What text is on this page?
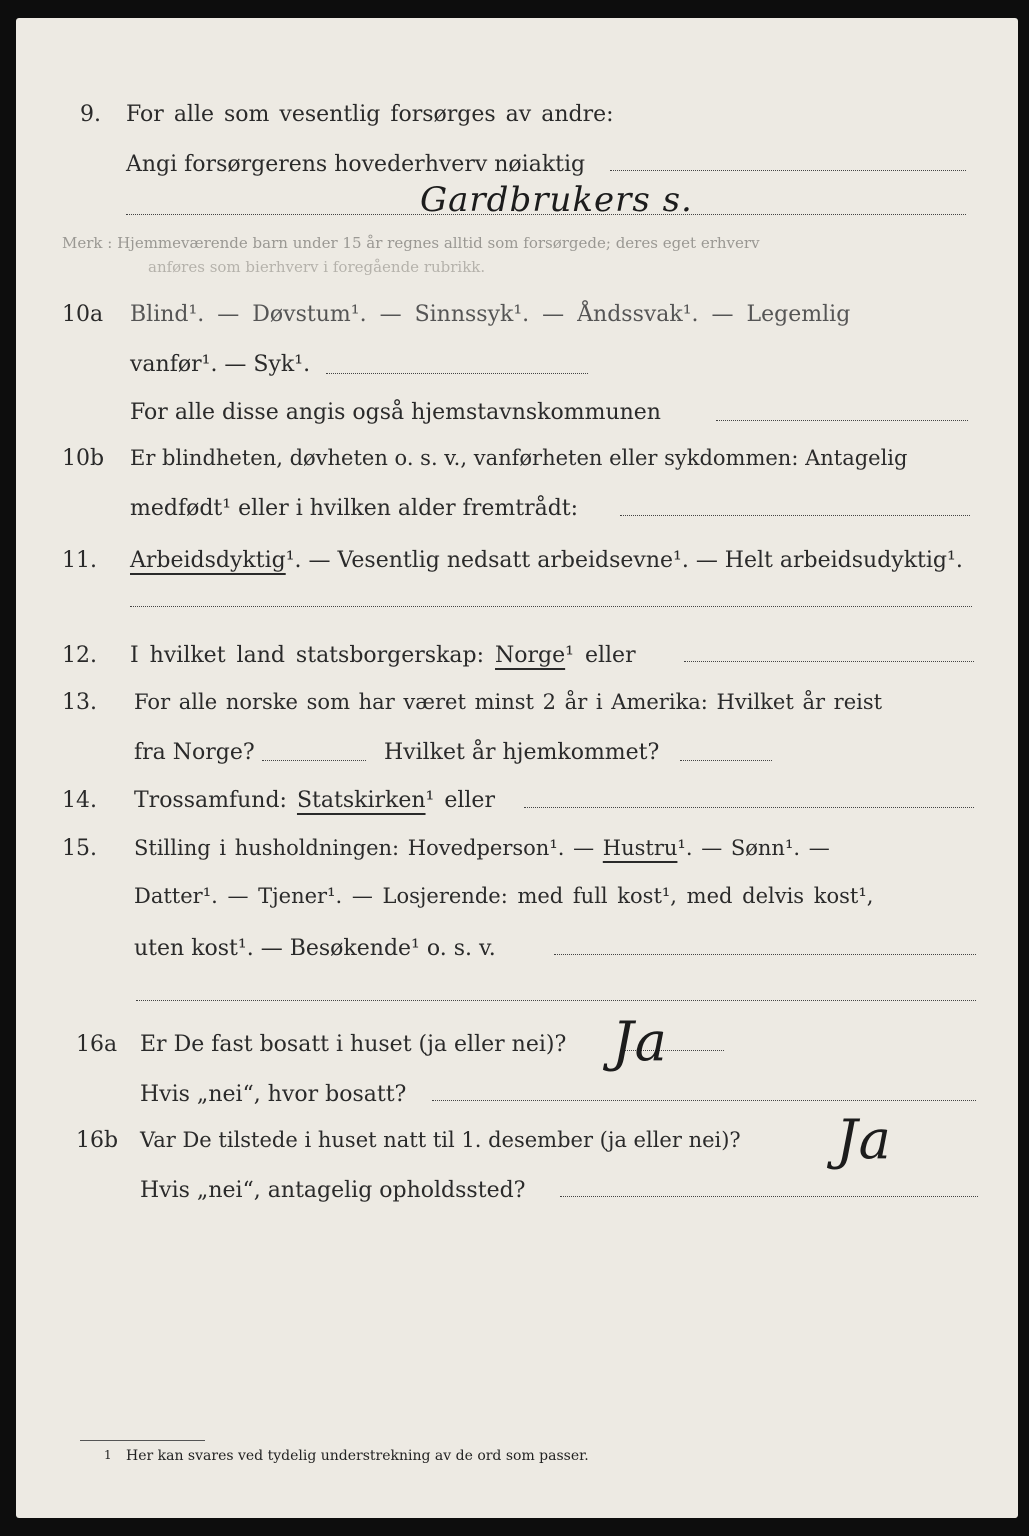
9. For alle som vesentlig forsørges av andre:
Angi forsørgerens hovederhverv nøiaktig
Gardbrukers s.
Merk : Hjemmeværende barn under 15 år regnes alltid som forsørgede; deres eget erhverv
anføres som bierhverv i foregående rubrikk.
10a Blind¹. — Døvstum¹. — Sinnssyk¹. — Åndssvak¹. — Legemlig
vanfør¹. — Syk¹.
For alle disse angis også hjemstavnskommunen
10b Er blindheten, døvheten o. s. v., vanførheten eller sykdommen: Antagelig
medfødt¹ eller i hvilken alder fremtrådt:
11. Arbeidsdyktig¹. — Vesentlig nedsatt arbeidsevne¹. — Helt arbeidsudyktig¹.
12. I hvilket land statsborgerskap: Norge¹ eller
13. For alle norske som har været minst 2 år i Amerika: Hvilket år reist
fra Norge?	Hvilket år hjemkommet?
14. Trossamfund: Statskirken¹ eller
15. Stilling i husholdningen: Hovedperson¹. — Hustru¹. — Sønn¹. —
Datter¹. — Tjener¹. — Losjerende: med full kost¹, med delvis kost¹,
uten kost¹. — Besøkende¹ o. s. v.
16a Er De fast bosatt i huset (ja eller nei)? Ja
Hvis „nei“, hvor bosatt?
16b Var De tilstede i huset natt til 1. desember (ja eller nei)? Ja
Hvis „nei“, antagelig opholdssted?
1 Her kan svares ved tydelig understrekning av de ord som passer.
